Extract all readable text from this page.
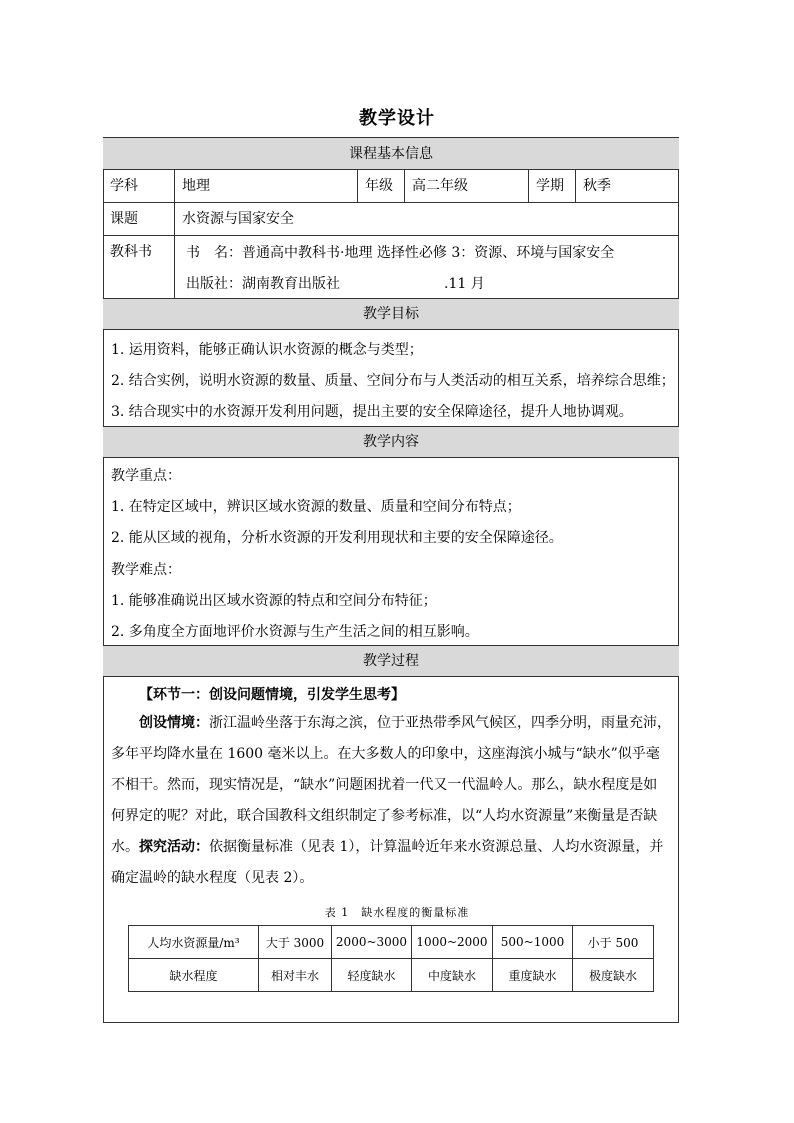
教学设计
课程基本信息
学科	地理	年级	高二年级	学期	秋季
课题	水资源与国家安全
教科书	书　名：普通高中教科书·地理 选择性必修 3：资源、环境与国家安全
出版社：湖南教育出版社	.11 月
教学目标
1. 运用资料，能够正确认识水资源的概念与类型；
2. 结合实例，说明水资源的数量、质量、空间分布与人类活动的相互关系，培养综合思维；
3. 结合现实中的水资源开发利用问题，提出主要的安全保障途径，提升人地协调观。
教学内容
教学重点：
1. 在特定区域中，辨识区域水资源的数量、质量和空间分布特点；
2. 能从区域的视角，分析水资源的开发利用现状和主要的安全保障途径。
教学难点：
1. 能够准确说出区域水资源的特点和空间分布特征；
2. 多角度全方面地评价水资源与生产生活之间的相互影响。
教学过程
【环节一：创设问题情境，引发学生思考】
创设情境：浙江温岭坐落于东海之滨，位于亚热带季风气候区，四季分明，雨量充沛，多年平均降水量在 1600 毫米以上。在大多数人的印象中，这座海滨小城与“缺水”似乎毫不相干。然而，现实情况是，“缺水”问题困扰着一代又一代温岭人。那么，缺水程度是如何界定的呢？对此，联合国教科文组织制定了参考标准，以“人均水资源量”来衡量是否缺水。 探究活动：依据衡量标准（见表 1），计算温岭近年来水资源总量、人均水资源量，并确定温岭的缺水程度（见表 2）。
表 1　缺水程度的衡量标准
人均水资源量/m³	大于 3000	2000~3000	1000~2000	500~1000	小于 500
缺水程度	相对丰水	轻度缺水	中度缺水	重度缺水	极度缺水
